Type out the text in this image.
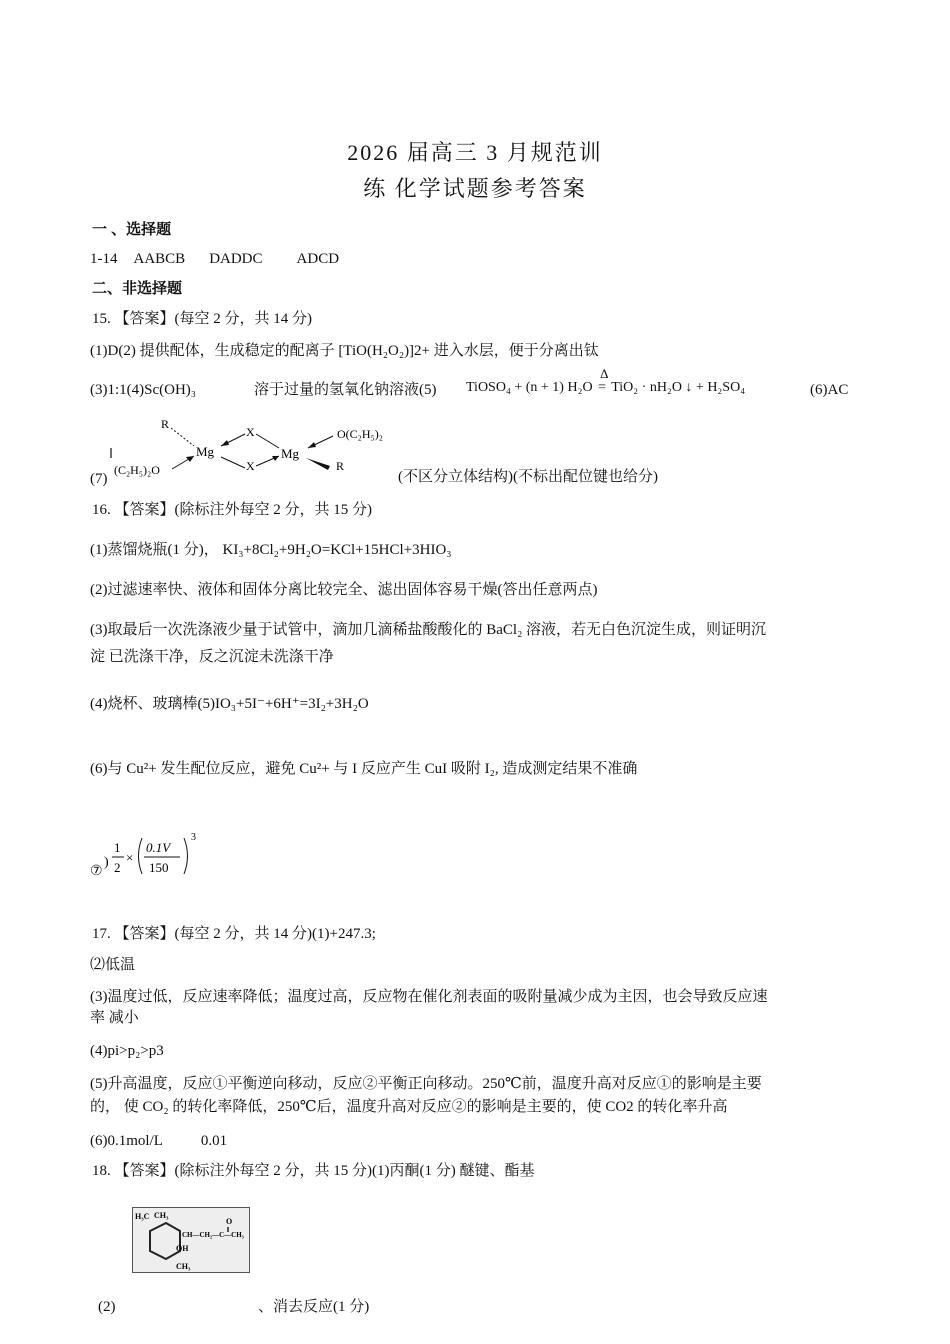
2026 届高三 3 月规范训
练 化学试题参考答案
一 、选择题
1-14 AABCB DADDC ADCD
二、非选择题
15. 【答案】(每空 2 分，共 14 分)
(1)D(2) 提供配体，生成稳定的配离子 [TiO(H₂O₂)]2+ 进入水层，便于分离出钛
(3)1:1(4)Sc(OH)₃	溶于过量的氢氧化钠溶液(5) TiOSO₄ + (n + 1) H₂O
Δ
= TiO₂ · nH₂O ↓ + H₂SO₄	(6)AC
(7)
R
Mg
X
X
Mg
O(C₂H₅)₂
R
(C₂H₅)₂O	(不区分立体结构)(不标出配位键也给分)
16. 【答案】(除标注外每空 2 分，共 15 分)
(1)蒸馏烧瓶(1 分)， KI₃+8Cl₂+9H₂O=KCl+15HCl+3HIO₃
(2)过滤速率快、液体和固体分离比较完全、滤出固体容易干燥(答出任意两点)
(3)取最后一次洗涤液少量于试管中，滴加几滴稀盐酸酸化的 BaCl₂ 溶液，若无白色沉淀生成，则证明沉
淀 已洗涤干净，反之沉淀未洗涤干净
(4)烧杯、玻璃棒(5)IO₃+5I⁻+6H⁺=3I₂+3H₂O
(6)与 Cu²+ 发生配位反应，避免 Cu²+ 与 I 反应产生 CuI 吸附 I₂, 造成测定结果不准确
⑦
)
1
2
×
0.1V
150
3
17. 【答案】(每空 2 分，共 14 分)(1)+247.3;
⑵低温
(3)温度过低，反应速率降低；温度过高，反应物在催化剂表面的吸附量减少成为主因，也会导致反应速
率 减小
(4)pi>p₂>p3
(5)升高温度，反应①平衡逆向移动，反应②平衡正向移动。250℃前，温度升高对反应①的影响是主要
的， 使 CO₂ 的转化率降低，250℃后，温度升高对反应②的影响是主要的，使 CO2 的转化率升高
(6)0.1mol/L	0.01
18. 【答案】(除标注外每空 2 分，共 15 分)(1)丙酮(1 分) 醚键、酯基
H₃C CH₃
OH
CH₃
CH—CH₂—C—CH₃
O
(2)	、消去反应(1 分)
